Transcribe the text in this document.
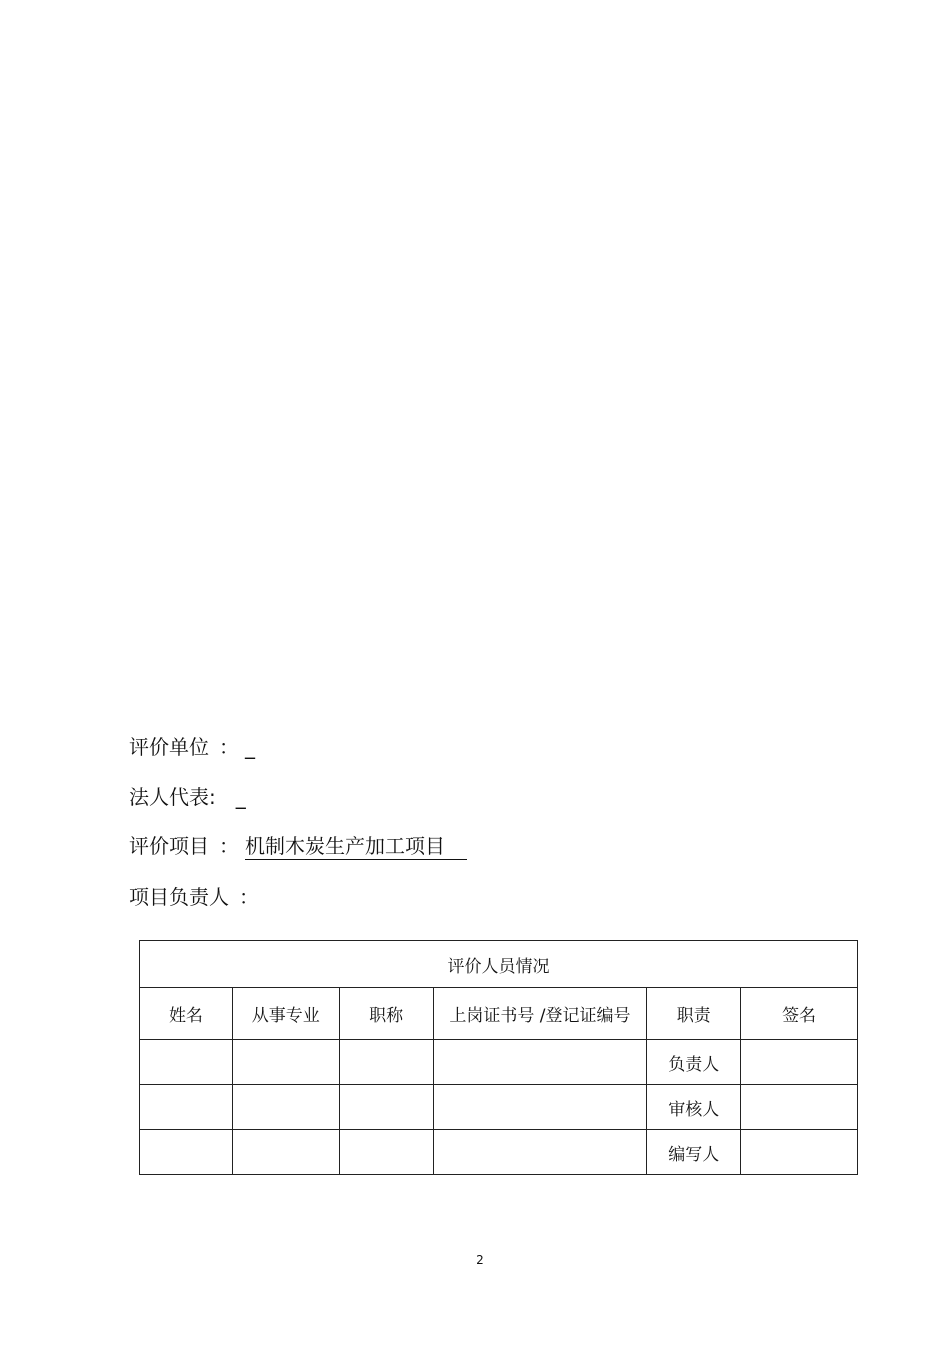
评价单位 ： _
法人代表: _
评价项目 ： 机制木炭生产加工项目
项目负责人 ：
评价人员情况					
姓名	从事专业	职称	上岗证书号 /登记证编号	职责	签名
				负责人	
				审核人	
				编写人	
2
